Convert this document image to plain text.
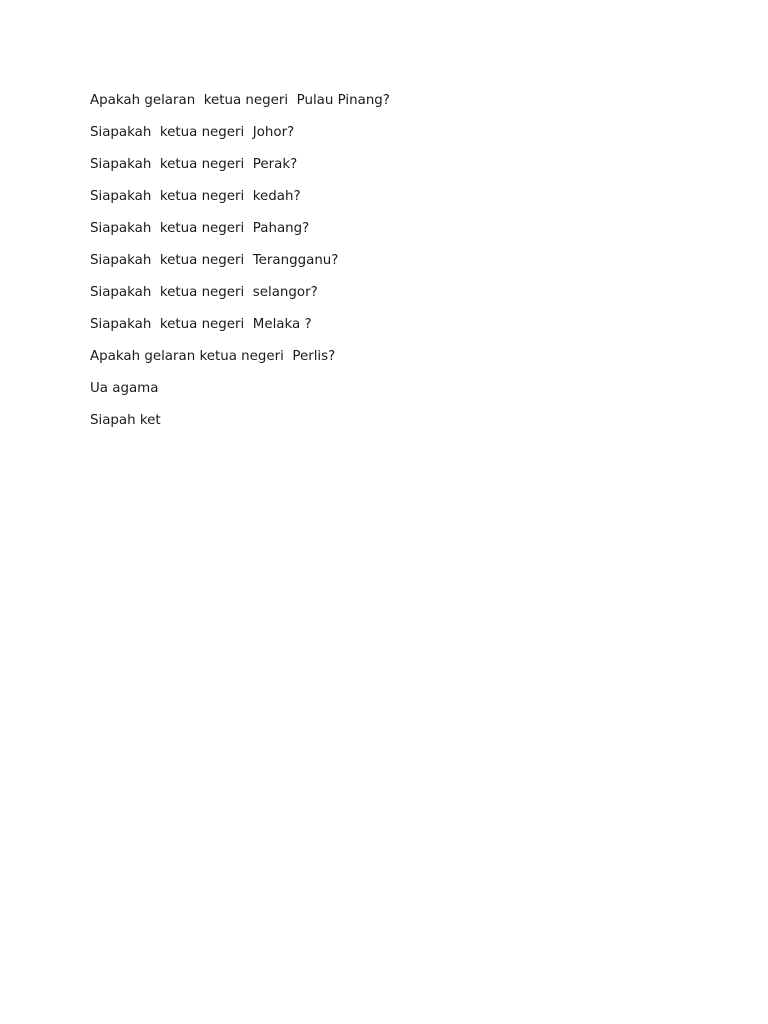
Apakah gelaran  ketua negeri  Pulau Pinang?

Siapakah  ketua negeri  Johor?

Siapakah  ketua negeri  Perak?

Siapakah  ketua negeri  kedah?

Siapakah  ketua negeri  Pahang?

Siapakah  ketua negeri  Terangganu?

Siapakah  ketua negeri  selangor?

Siapakah  ketua negeri  Melaka ?

Apakah gelaran ketua negeri  Perlis?

Ua agama

Siapah ket
